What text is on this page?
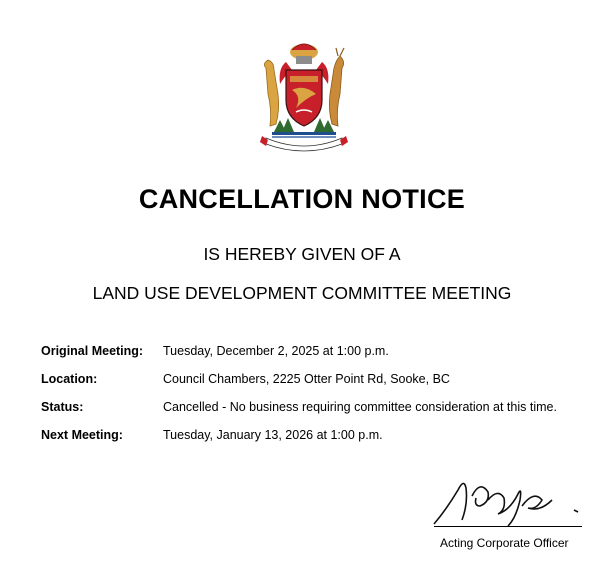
CANCELLATION NOTICE
IS HEREBY GIVEN OF A
LAND USE DEVELOPMENT COMMITTEE MEETING
Original Meeting: Tuesday, December 2, 2025 at 1:00 p.m.
Location:	Council Chambers, 2225 Otter Point Rd, Sooke, BC
Status:	Cancelled - No business requiring committee consideration at this time.
Next Meeting:	Tuesday, January 13, 2026 at 1:00 p.m.
Acting Corporate Officer
